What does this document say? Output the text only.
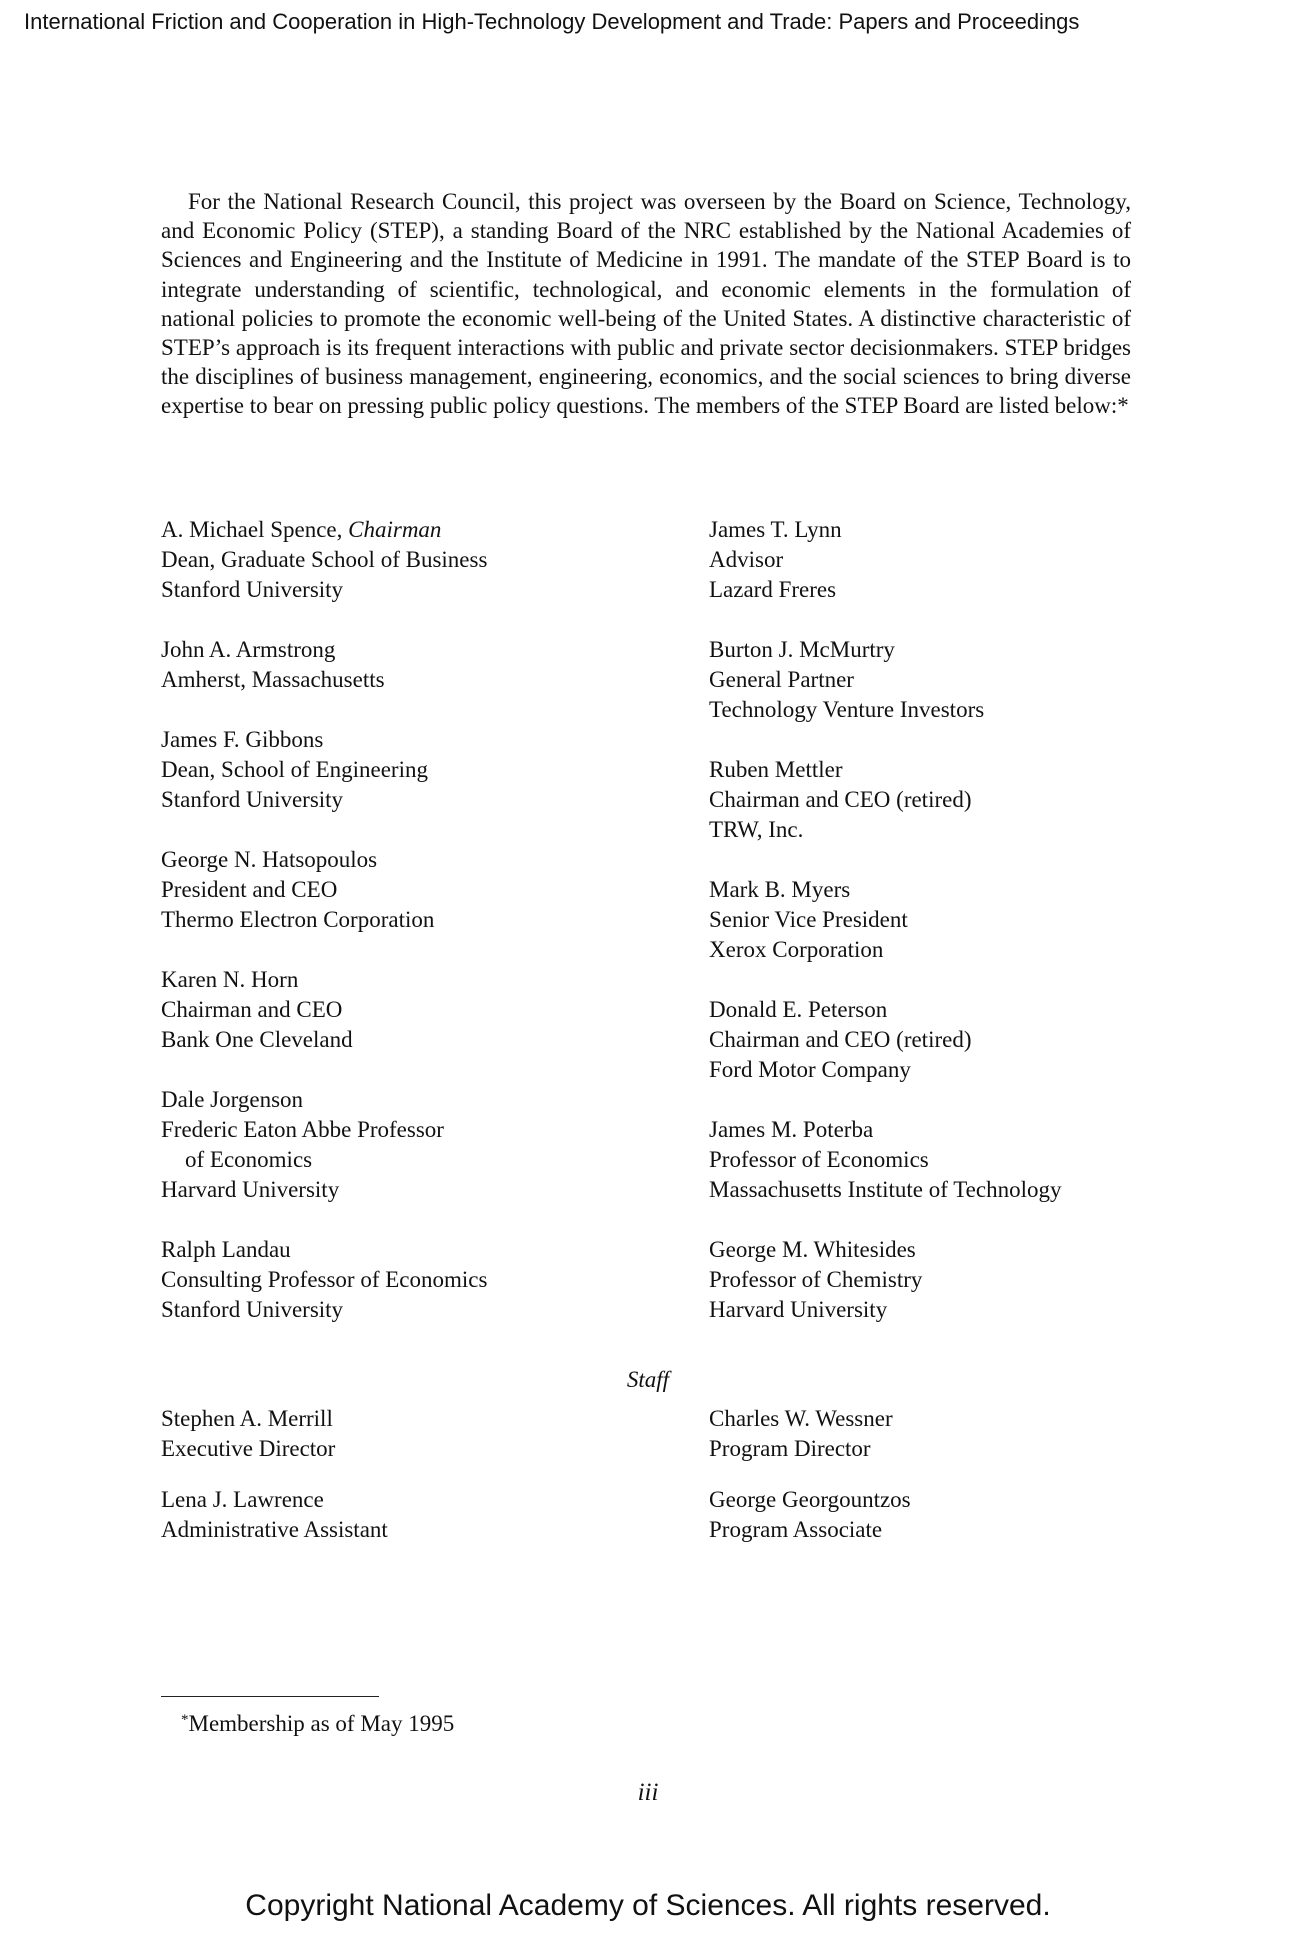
International Friction and Cooperation in High-Technology Development and Trade: Papers and Proceedings

For the National Research Council, this project was overseen by the Board on Science, Technology, and Economic Policy (STEP), a standing Board of the NRC established by the National Academies of Sciences and Engineering and the Institute of Medicine in 1991. The mandate of the STEP Board is to integrate understanding of scientific, technological, and economic elements in the formulation of national policies to promote the economic well-being of the United States. A distinctive characteristic of STEP’s approach is its frequent interactions with public and private sector decisionmakers. STEP bridges the disciplines of business management, engineering, economics, and the social sciences to bring diverse expertise to bear on pressing public policy questions. The members of the STEP Board are listed below:*

A. Michael Spence, Chairman
Dean, Graduate School of Business
Stanford University
John A. Armstrong
Amherst, Massachusetts
James F. Gibbons
Dean, School of Engineering
Stanford University
George N. Hatsopoulos
President and CEO
Thermo Electron Corporation
Karen N. Horn
Chairman and CEO
Bank One Cleveland
Dale Jorgenson
Frederic Eaton Abbe Professor
of Economics
Harvard University
Ralph Landau
Consulting Professor of Economics
Stanford University
James T. Lynn
Advisor
Lazard Freres
Burton J. McMurtry
General Partner
Technology Venture Investors
Ruben Mettler
Chairman and CEO (retired)
TRW, Inc.
Mark B. Myers
Senior Vice President
Xerox Corporation
Donald E. Peterson
Chairman and CEO (retired)
Ford Motor Company
James M. Poterba
Professor of Economics
Massachusetts Institute of Technology
George M. Whitesides
Professor of Chemistry
Harvard University
Staff
Stephen A. Merrill
Executive Director
Lena J. Lawrence
Administrative Assistant
Charles W. Wessner
Program Director
George Georgountzos
Program Associate
*Membership as of May 1995
iii
Copyright National Academy of Sciences. All rights reserved.
